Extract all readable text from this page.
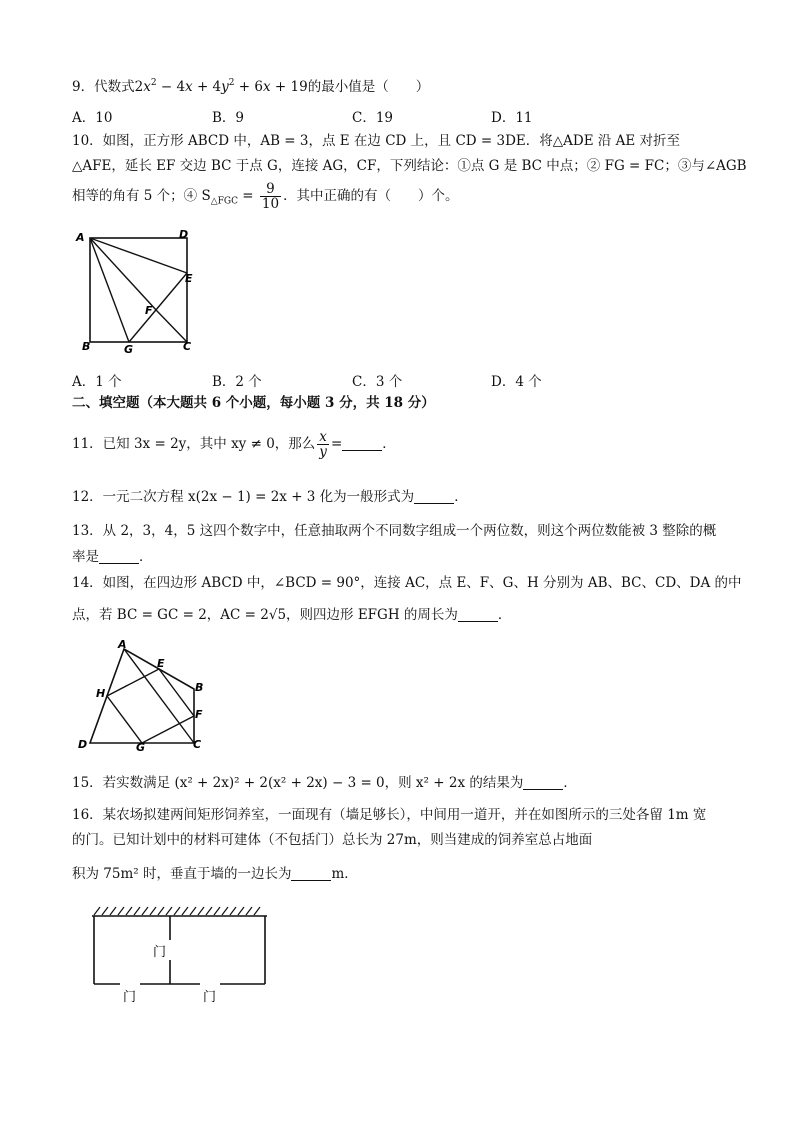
9．代数式$2x^2 - 4x + 4y^2 + 6x + 19$的最小值是（　　）
A．10	B．9	C．19	D．11
10．如图，正方形 ABCD 中，AB = 3，点 E 在边 CD 上，且 CD = 3DE．将△ADE 沿 AE 对折至
△AFE，延长 EF 交边 BC 于点 G，连接 AG，CF，下列结论：①点 G 是 BC 中点；② FG = FC；③与∠AGB
相等的角有 5 个；④ $S_{\triangle FGC} = \frac{9}{10}$ ．其中正确的有（　　）个。
A	D
E
F
B	G	C
A．1 个	B．2 个	C．3 个	D．4 个
二、填空题（本大题共 6 个小题，每小题 3 分，共 18 分）
11．已知 3x = 2y，其中 xy ≠ 0，那么 $\frac{x}{y}$ =	．
12．一元二次方程 x(2x − 1) = 2x + 3 化为一般形式为	．
13．从 2，3，4，5 这四个数字中，任意抽取两个不同数字组成一个两位数，则这个两位数能被 3 整除的概
率是	．
14．如图，在四边形 ABCD 中，∠BCD = 90°，连接 AC，点 E、F、G、H 分别为 AB、BC、CD、DA 的中
点，若 BC = GC = 2，AC = 2√5，则四边形 EFGH 的周长为	．
A
E
B
H
F
D	G	C
15．若实数满足 (x² + 2x)² + 2(x² + 2x) − 3 = 0，则 x² + 2x 的结果为	．
16．某农场拟建两间矩形饲养室，一面现有（墙足够长），中间用一道开，并在如图所示的三处各留 1m 宽
的门。已知计划中的材料可建体（不包括门）总长为 27m，则当建成的饲养室总占地面
积为 75m² 时，垂直于墙的一边长为	m．
门
门	门
